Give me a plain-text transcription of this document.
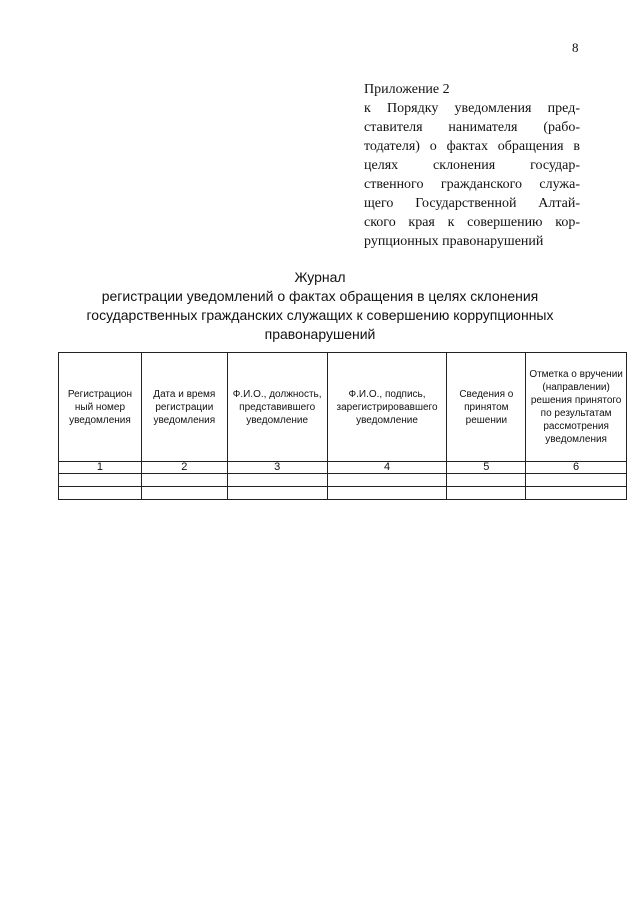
8
Приложение 2
к Порядку уведомления пред-
ставителя нанимателя (рабо-
тодателя) о фактах обращения в
целях склонения государ-
ственного гражданского служа-
щего Государственной Алтай-
ского края к совершению кор-
рупционных правонарушений
Журнал
регистрации уведомлений о фактах обращения в целях склонения
государственных гражданских служащих к совершению коррупционных
правонарушений
Регистрацион ный номер уведомления	Дата и время регистрации уведомления	Ф.И.О., должность, представившего уведомление	Ф.И.О., подпись, зарегистрировавшего уведомление	Сведения о принятом решении	Отметка о вручении (направлении) решения принятого по результатам рассмотрения уведомления
1	2	3	4	5	6
